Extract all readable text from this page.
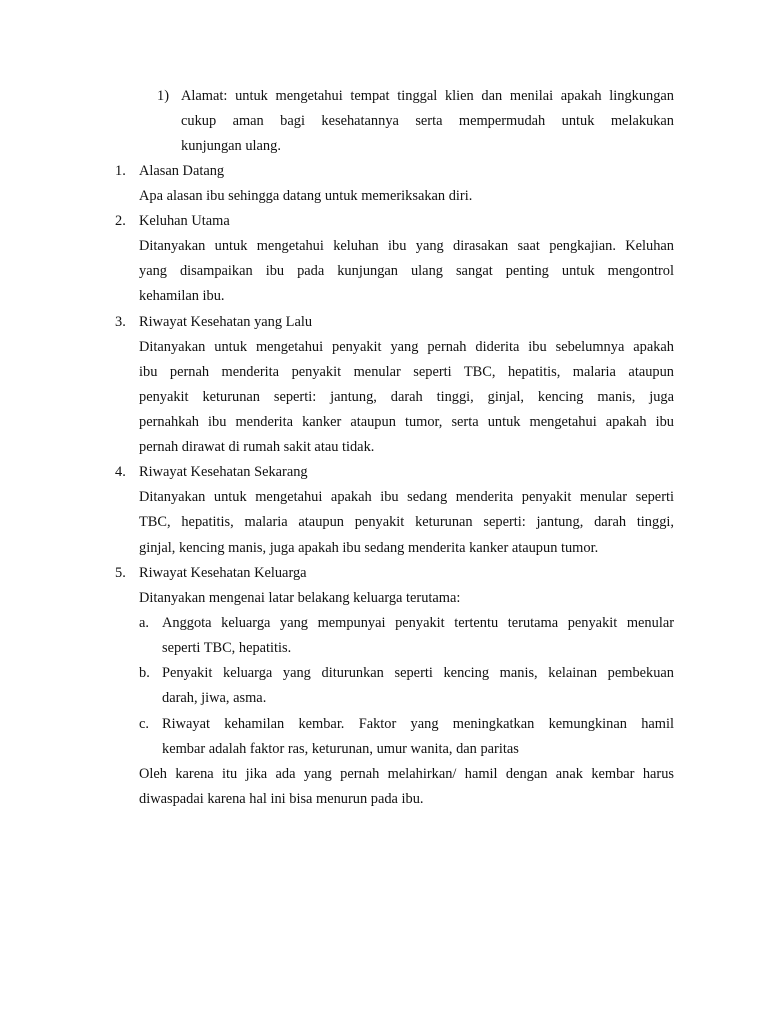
1) Alamat: untuk mengetahui tempat tinggal klien dan menilai apakah lingkungan
cukup aman bagi kesehatannya serta mempermudah untuk melakukan
kunjungan ulang.
1. Alasan Datang
Apa alasan ibu sehingga datang untuk memeriksakan diri.
2. Keluhan Utama
Ditanyakan untuk mengetahui keluhan ibu yang dirasakan saat pengkajian. Keluhan
yang disampaikan ibu pada kunjungan ulang sangat penting untuk mengontrol
kehamilan ibu.
3. Riwayat Kesehatan yang Lalu
Ditanyakan untuk mengetahui penyakit yang pernah diderita ibu sebelumnya apakah
ibu pernah menderita penyakit menular seperti TBC, hepatitis, malaria ataupun
penyakit keturunan seperti: jantung, darah tinggi, ginjal, kencing manis, juga
pernahkah ibu menderita kanker ataupun tumor, serta untuk mengetahui apakah ibu
pernah dirawat di rumah sakit atau tidak.
4. Riwayat Kesehatan Sekarang
Ditanyakan untuk mengetahui apakah ibu sedang menderita penyakit menular seperti
TBC, hepatitis, malaria ataupun penyakit keturunan seperti: jantung, darah tinggi,
ginjal, kencing manis, juga apakah ibu sedang menderita kanker ataupun tumor.
5. Riwayat Kesehatan Keluarga
Ditanyakan mengenai latar belakang keluarga terutama:
a. Anggota keluarga yang mempunyai penyakit tertentu terutama penyakit menular
seperti TBC, hepatitis.
b. Penyakit keluarga yang diturunkan seperti kencing manis, kelainan pembekuan
darah, jiwa, asma.
c. Riwayat kehamilan kembar. Faktor yang meningkatkan kemungkinan hamil
kembar adalah faktor ras, keturunan, umur wanita, dan paritas
Oleh karena itu jika ada yang pernah melahirkan/ hamil dengan anak kembar harus
diwaspadai karena hal ini bisa menurun pada ibu.
